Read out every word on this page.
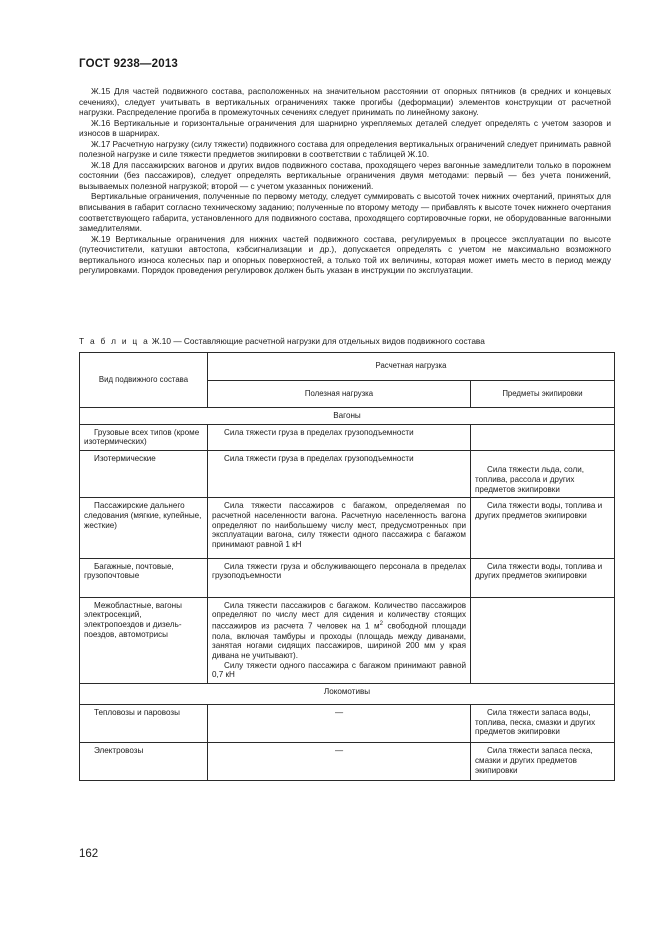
ГОСТ 9238—2013

Ж.15 Для частей подвижного состава, расположенных на значительном расстоянии от опорных пятников (в средних и концевых сечениях), следует учитывать в вертикальных ограничениях также прогибы (деформации) элементов конструкции от расчетной нагрузки. Распределение прогиба в промежуточных сечениях следует принимать по линейному закону.

Ж.16 Вертикальные и горизонтальные ограничения для шарнирно укрепляемых деталей следует определять с учетом зазоров и износов в шарнирах.

Ж.17 Расчетную нагрузку (силу тяжести) подвижного состава для определения вертикальных ограничений следует принимать равной полезной нагрузке и силе тяжести предметов экипировки в соответствии с таблицей Ж.10.

Ж.18 Для пассажирских вагонов и других видов подвижного состава, проходящего через вагонные замедлители только в порожнем состоянии (без пассажиров), следует определять вертикальные ограничения двумя методами: первый — без учета понижений, вызываемых полезной нагрузкой; второй — с учетом указанных понижений.

Вертикальные ограничения, полученные по первому методу, следует суммировать с высотой точек нижних очертаний, принятых для вписывания в габарит согласно техническому заданию; полученные по второму методу — прибавлять к высоте точек нижнего очертания соответствующего габарита, установленного для подвижного состава, проходящего сортировочные горки, не оборудованные вагонными замедлителями.

Ж.19 Вертикальные ограничения для нижних частей подвижного состава, регулируемых в процессе эксплуатации по высоте (путеочистители, катушки автостопа, кэбсигнализации и др.), допускается определять с учетом не максимально возможного вертикального износа колесных пар и опорных поверхностей, а только той их величины, которая может иметь место в период между регулировками. Порядок проведения регулировок должен быть указан в инструкции по эксплуатации.

Т а б л и ц а Ж.10 — Составляющие расчетной нагрузки для отдельных видов подвижного состава
Вид подвижного состава	Расчетная нагрузка	
	Полезная нагрузка	Предметы экипировки
Вагоны		
Грузовые всех типов (кроме изотермических)	Сила тяжести груза в пределах грузоподъемности	
Изотермические	Сила тяжести груза в пределах грузоподъемности	Сила тяжести льда, соли, топлива, рассола и других предметов экипировки
Пассажирские дальнего следования (мягкие, купейные, жесткие)	Сила тяжести пассажиров с багажом, определяемая по расчетной населенности вагона. Расчетную населенность вагона определяют по наибольшему числу мест, предусмотренных при эксплуатации вагона, силу тяжести одного пассажира с багажом принимают равной 1 кН	Сила тяжести воды, топлива и других предметов экипировки
Багажные, почтовые, грузопочтовые	Сила тяжести груза и обслуживающего персонала в пределах грузоподъемности	Сила тяжести воды, топлива и других предметов экипировки
Межобластные, вагоны электросекций, электропоездов и дизель-поездов, автомотрисы	Сила тяжести пассажиров с багажом. Количество пассажиров определяют по числу мест для сидения и количеству стоящих пассажиров из расчета 7 человек на 1 $м^2$ свободной площади пола, включая тамбуры и проходы (площадь между диванами, занятая ногами сидящих пассажиров, шириной 200 мм у края дивана не учитывают).
Силу тяжести одного пассажира с багажом принимают равной 0,7 кН	

Локомотивы		
Тепловозы и паровозы	—	Сила тяжести запаса воды, топлива, песка, смазки и других предметов экипировки
Электровозы	—	Сила тяжести запаса песка, смазки и других предметов экипировки
162
